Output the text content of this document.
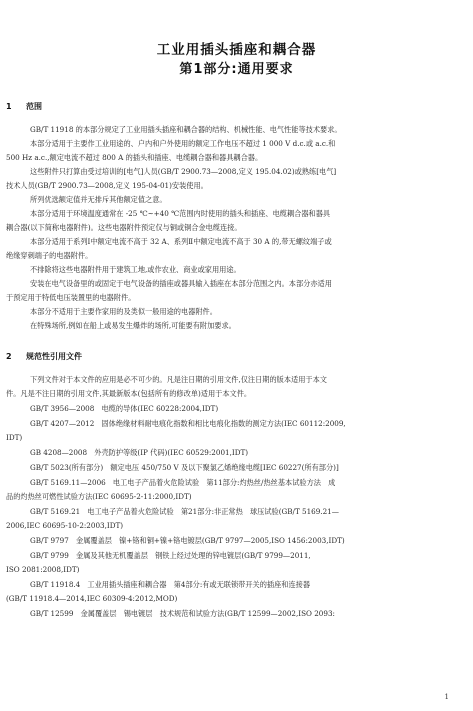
工业用插头插座和耦合器
第1部分:通用要求
1 范围
GB/T 11918 的本部分规定了工业用插头插座和耦合器的结构、机械性能、电气性能等技术要求。
本部分适用于主要作工业用途的、户内和户外使用的额定工作电压不超过 1 000 V d.c.或 a.c.和
500 Hz a.c.,额定电流不超过 800 A 的插头和插座、电缆耦合器和器具耦合器。
这些附件只打算由受过培训的[电气]人员(GB/T 2900.73—2008,定义 195.04.02)或熟练[电气]
技术人员(GB/T 2900.73—2008,定义 195-04-01)安装使用。
所列优选额定值并无排斥其他额定值之意。
本部分适用于环境温度通常在 -25 ℃~+40 ℃范围内时使用的插头和插座、电缆耦合器和器具
耦合器(以下简称电器附件)。这些电器附件预定仅与铜或铜合金电缆连接。
本部分适用于系列Ⅰ中额定电流不高于 32 A、系列Ⅱ中额定电流不高于 30 A 的,带无螺纹端子或
绝缘穿刺端子的电器附件。
不排除将这些电器附件用于建筑工地,或作农业、商业或家用用途。
安装在电气设备里的或固定于电气设备的插座或器具输入插座在本部分范围之内。本部分亦适用
于预定用于特低电压装置里的电器附件。
本部分不适用于主要作家用的及类似一般用途的电器附件。
在特殊场所,例如在船上或易发生爆炸的场所,可能要有附加要求。
2 规范性引用文件
下列文件对于本文件的应用是必不可少的。凡是注日期的引用文件,仅注日期的版本适用于本文
件。凡是不注日期的引用文件,其最新版本(包括所有的修改单)适用于本文件。
GB/T 3956—2008　电缆的导体(IEC 60228:2004,IDT)
GB/T 4207—2012　固体绝缘材料耐电痕化指数和相比电痕化指数的测定方法(IEC 60112:2009,
IDT)
GB 4208—2008　外壳防护等级(IP 代码)(IEC 60529:2001,IDT)
GB/T 5023(所有部分)　额定电压 450/750 V 及以下聚氯乙烯绝缘电缆[IEC 60227(所有部分)]
GB/T 5169.11—2006　电工电子产品着火危险试验　第11部分:灼热丝/热丝基本试验方法　成
品的灼热丝可燃性试验方法(IEC 60695-2-11:2000,IDT)
GB/T 5169.21　电工电子产品着火危险试验　第21部分:非正常热　球压试验(GB/T 5169.21—
2006,IEC 60695-10-2:2003,IDT)
GB/T 9797　金属覆盖层　镍+铬和铜+镍+铬电镀层(GB/T 9797—2005,ISO 1456:2003,IDT)
GB/T 9799　金属及其他无机覆盖层　钢铁上经过处理的锌电镀层(GB/T 9799—2011,
ISO 2081:2008,IDT)
GB/T 11918.4　工业用插头插座和耦合器　第4部分:有或无联锁带开关的插座和连接器
(GB/T 11918.4—2014,IEC 60309-4:2012,MOD)
GB/T 12599　金属覆盖层　锡电镀层　技术规范和试验方法(GB/T 12599—2002,ISO 2093:
1
